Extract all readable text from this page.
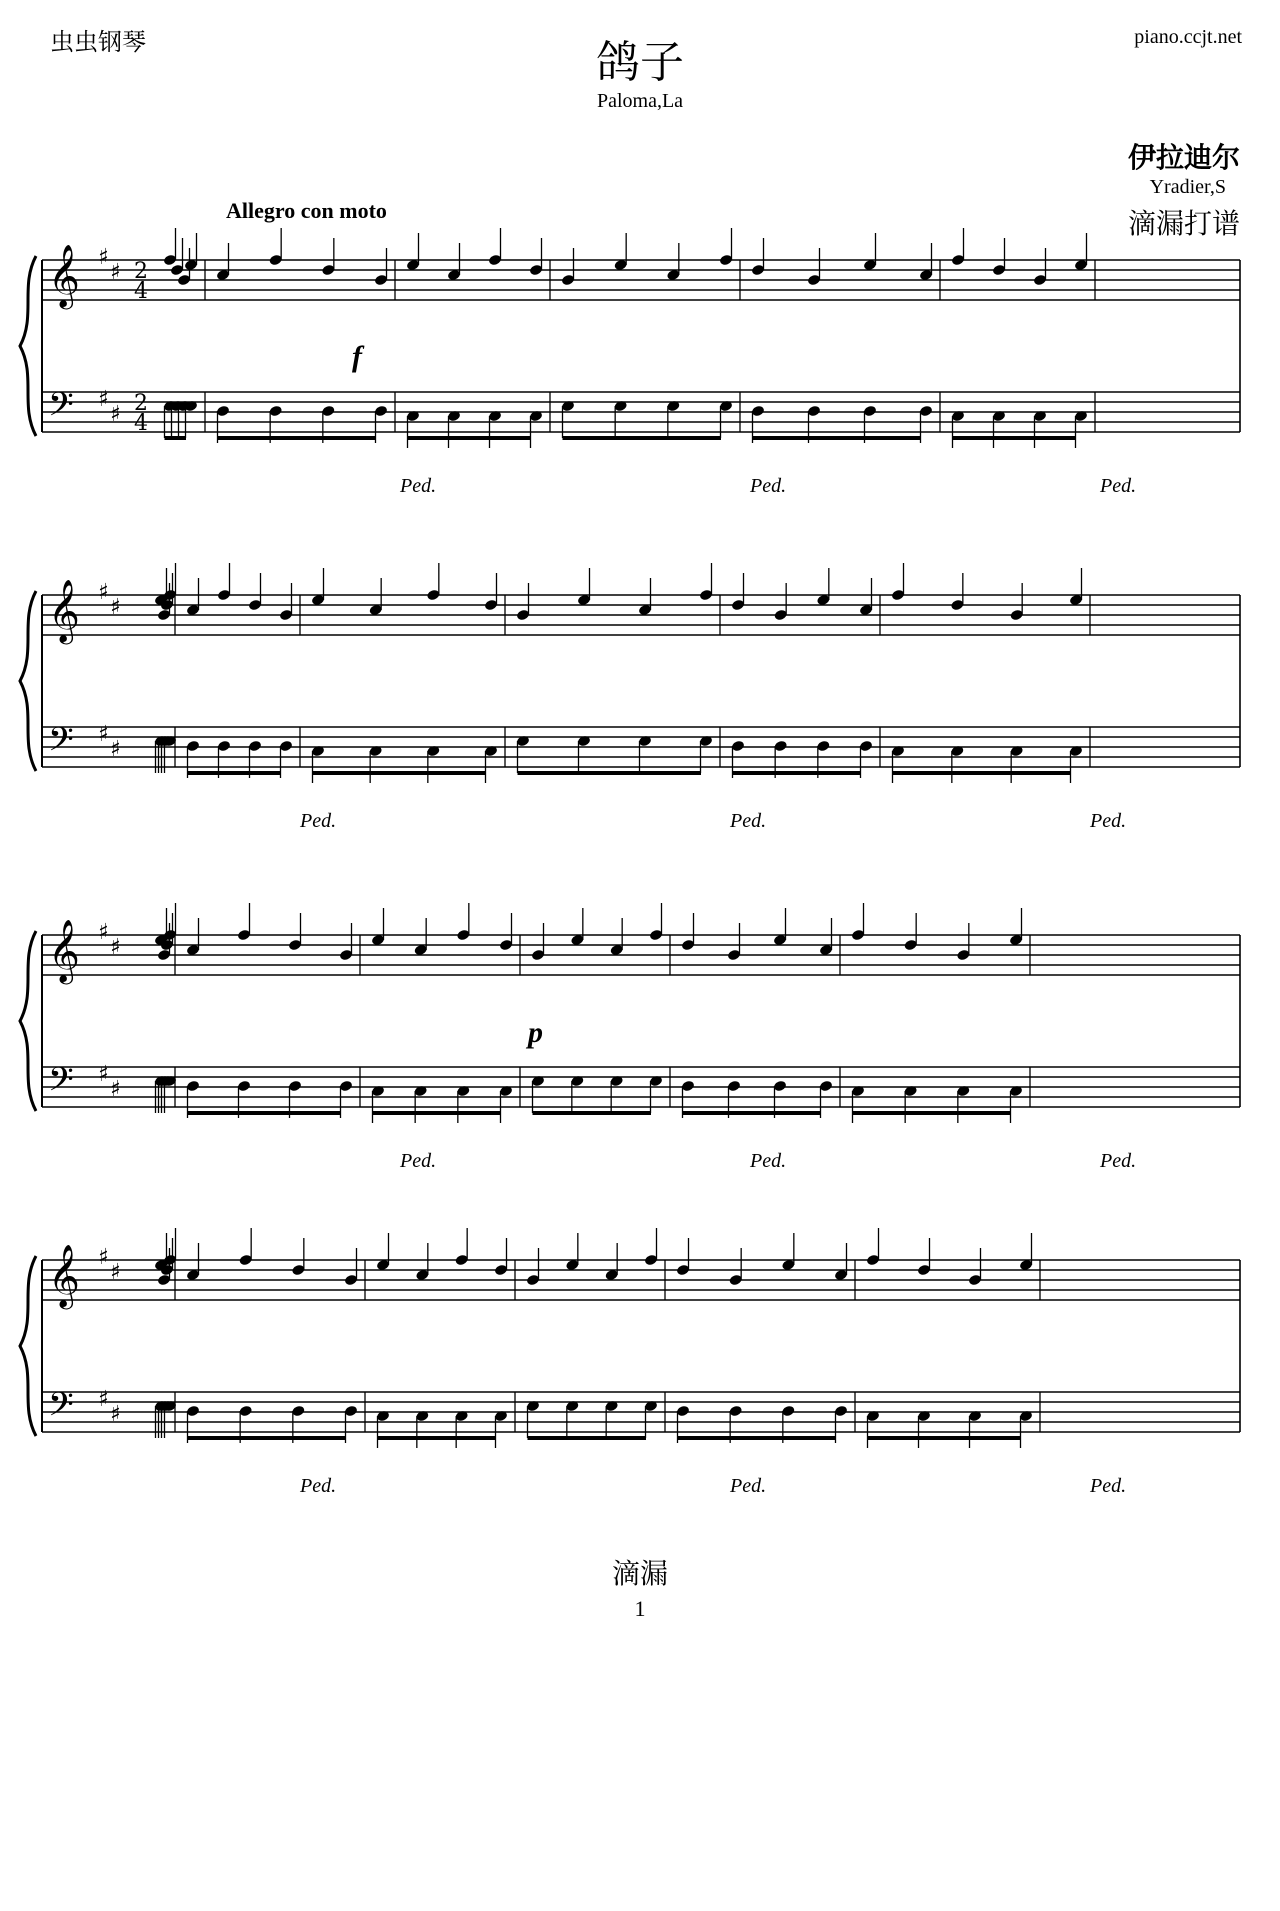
虫虫钢琴	piano.ccjt.net
鸽子
Paloma,La
伊拉迪尔
Yradier,S
滴漏打谱
Allegro con moto
𝄞
𝄢
♯
♯
♯
♯
2
4
2
4
Ped.	Ped.	Ped.
𝄞
𝄢
♯
♯
♯
♯
Ped.	Ped.	Ped.
𝄞
𝄢
♯
♯
♯
♯
Ped.	Ped.	Ped.
𝄞
𝄢
♯
♯
♯
♯
Ped.	Ped.	Ped.
f
p
滴漏
1
